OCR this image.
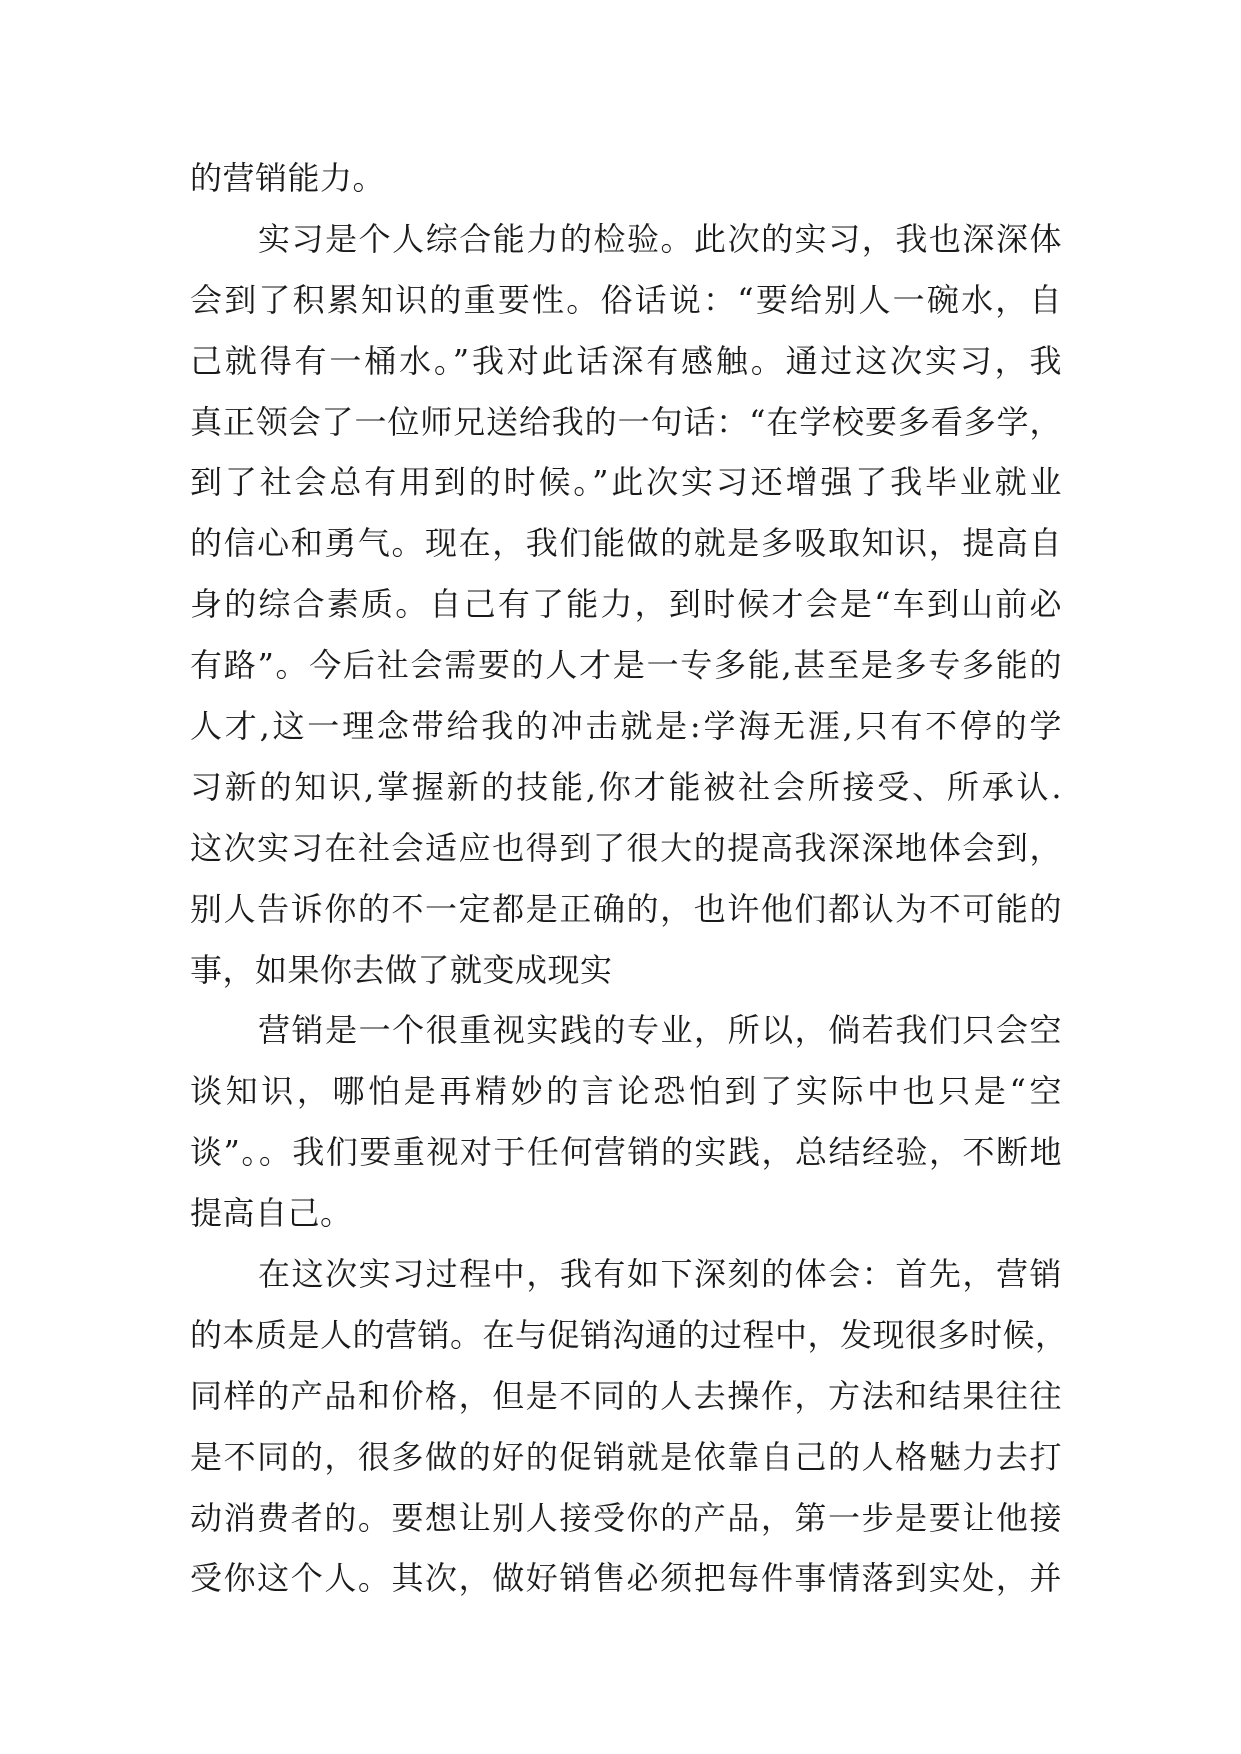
的营销能力。
实习是个人综合能力的检验。此次的实习，我也深深体
会到了积累知识的重要性。俗话说：“要给别人一碗水，自
己就得有一桶水。”我对此话深有感触。通过这次实习，我
真正领会了一位师兄送给我的一句话：“在学校要多看多学，
到了社会总有用到的时候。”此次实习还增强了我毕业就业
的信心和勇气。现在，我们能做的就是多吸取知识，提高自
身的综合素质。自己有了能力，到时候才会是“车到山前必
有路”。今后社会需要的人才是一专多能,甚至是多专多能的
人才,这一理念带给我的冲击就是:学海无涯,只有不停的学
习新的知识,掌握新的技能,你才能被社会所接受、所承认.
这次实习在社会适应也得到了很大的提高我深深地体会到，
别人告诉你的不一定都是正确的，也许他们都认为不可能的
事，如果你去做了就变成现实
营销是一个很重视实践的专业，所以，倘若我们只会空
谈知识，哪怕是再精妙的言论恐怕到了实际中也只是“空
谈”。。我们要重视对于任何营销的实践，总结经验，不断地
提高自己。
在这次实习过程中，我有如下深刻的体会：首先，营销
的本质是人的营销。在与促销沟通的过程中，发现很多时候，
同样的产品和价格，但是不同的人去操作，方法和结果往往
是不同的，很多做的好的促销就是依靠自己的人格魅力去打
动消费者的。要想让别人接受你的产品，第一步是要让他接
受你这个人。其次，做好销售必须把每件事情落到实处，并
